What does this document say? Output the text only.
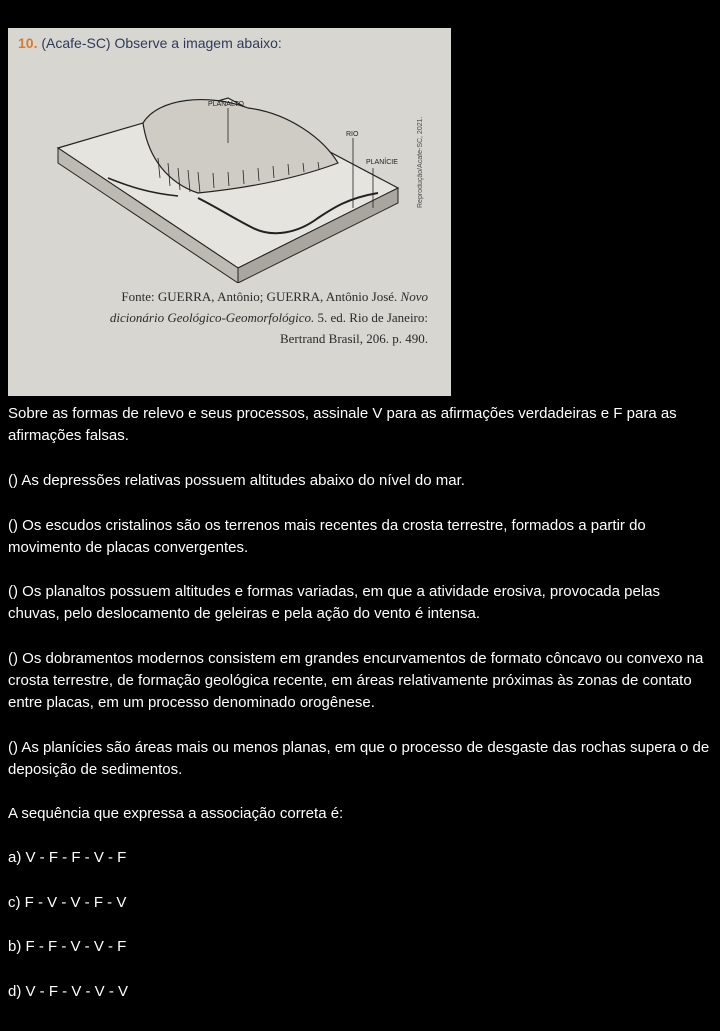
10. (Acafe-SC) Observe a imagem abaixo:
PLANALTO
RIO
PLANÍCIE	Reprodução/Acafe-SC, 2021.
Fonte: GUERRA, Antônio; GUERRA, Antônio José. Novo
dicionário Geológico-Geomorfológico. 5. ed. Rio de Janeiro:
Bertrand Brasil, 206. p. 490.
Sobre as formas de relevo e seus processos, assinale V para as afirmações verdadeiras e F para as afirmações falsas.
() As depressões relativas possuem altitudes abaixo do nível do mar.
() Os escudos cristalinos são os terrenos mais recentes da crosta terrestre, formados a partir do movimento de placas convergentes.
() Os planaltos possuem altitudes e formas variadas, em que a atividade erosiva, provocada pelas chuvas, pelo deslocamento de geleiras e pela ação do vento é intensa.
() Os dobramentos modernos consistem em grandes encurvamentos de formato côncavo ou convexo na crosta terrestre, de formação geológica recente, em áreas relativamente próximas às zonas de contato entre placas, em um processo denominado orogênese.
() As planícies são áreas mais ou menos planas, em que o processo de desgaste das rochas supera o de deposição de sedimentos.
A sequência que expressa a associação correta é:
a) V - F - F - V - F
c) F - V - V - F - V
b) F - F - V - V - F
d) V - F - V - V - V
